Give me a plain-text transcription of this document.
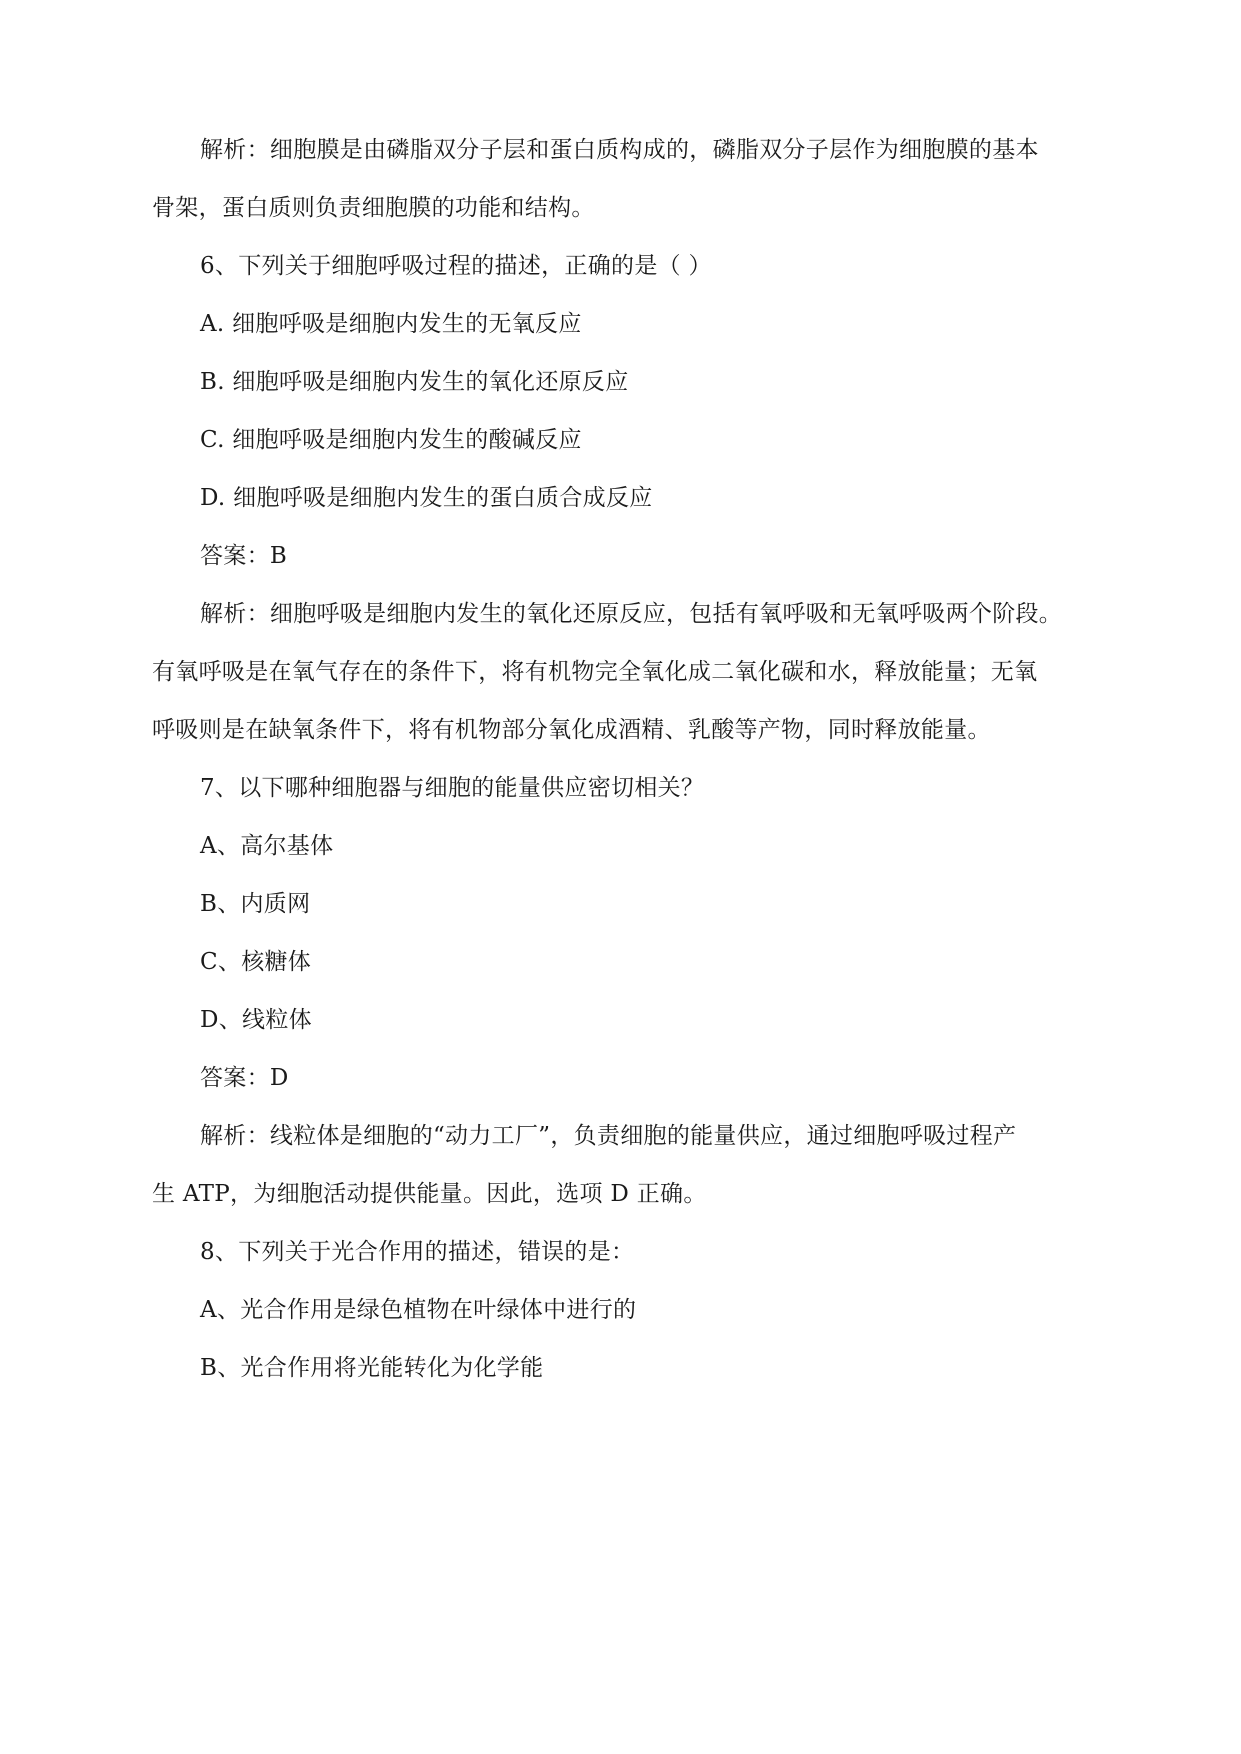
解析：细胞膜是由磷脂双分子层和蛋白质构成的，磷脂双分子层作为细胞膜的基本
骨架，蛋白质则负责细胞膜的功能和结构。
6、下列关于细胞呼吸过程的描述，正确的是（ ）
A. 细胞呼吸是细胞内发生的无氧反应
B. 细胞呼吸是细胞内发生的氧化还原反应
C. 细胞呼吸是细胞内发生的酸碱反应
D. 细胞呼吸是细胞内发生的蛋白质合成反应
答案：B
解析：细胞呼吸是细胞内发生的氧化还原反应，包括有氧呼吸和无氧呼吸两个阶段。
有氧呼吸是在氧气存在的条件下，将有机物完全氧化成二氧化碳和水，释放能量；无氧
呼吸则是在缺氧条件下，将有机物部分氧化成酒精、乳酸等产物，同时释放能量。
7、以下哪种细胞器与细胞的能量供应密切相关？
A、高尔基体
B、内质网
C、核糖体
D、线粒体
答案：D
解析：线粒体是细胞的“动力工厂”，负责细胞的能量供应，通过细胞呼吸过程产
生 ATP，为细胞活动提供能量。因此，选项 D 正确。
8、下列关于光合作用的描述，错误的是：
A、光合作用是绿色植物在叶绿体中进行的
B、光合作用将光能转化为化学能
